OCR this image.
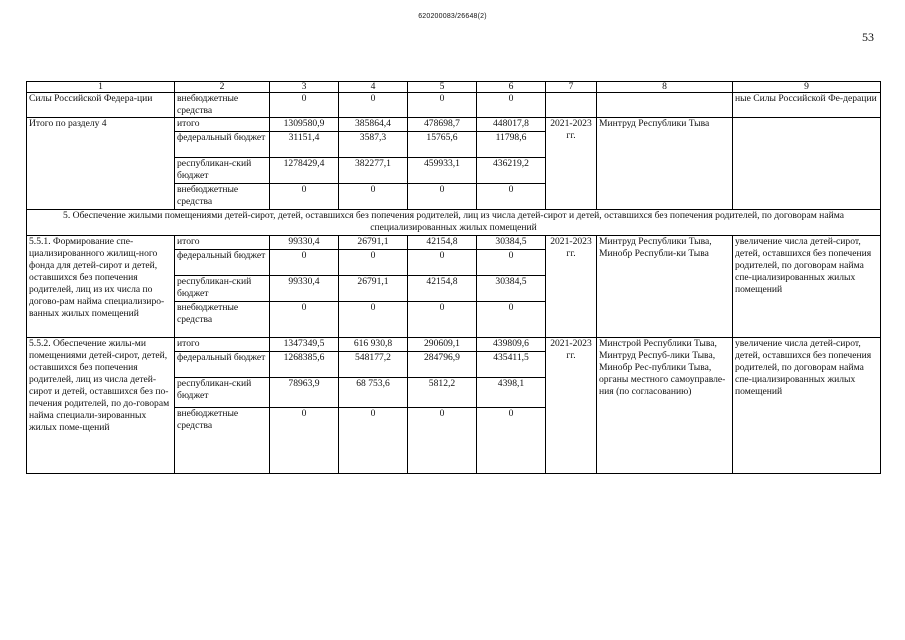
620200083/26648(2)
53
1	2	3	4	5	6	7	8	9
Силы Российской Федера-ции	внебюджетные средства	0	0	0	0			ные Силы Российской Фе-дерации
Итого по разделу 4	итого	1309580,9	385864,4	478698,7	448017,8	2021-2023 гг.	Минтруд Республики Тыва	
	федеральный бюджет	31151,4	3587,3	15765,6	11798,6			
	республикан-ский бюджет	1278429,4	382277,1	459933,1	436219,2			
	внебюджетные средства	0	0	0	0			
5. Обеспечение жилыми помещениями детей-сирот, детей, оставшихся без попечения родителей, лиц из числа детей-сирот и детей, оставшихся без попечения родителей, по договорам найма специализированных жилых помещений								
5.5.1. Формирование спе-циализированного жилищ-ного фонда для детей-сирот и детей, оставшихся без попечения родителей, лиц из их числа по догово-рам найма специализиро-ванных жилых помещений	итого	99330,4	26791,1	42154,8	30384,5	2021-2023 гг.	Минтруд Республики Тыва, Минобр Республи-ки Тыва	увеличение числа детей-сирот, детей, оставшихся без попечения родителей, по договорам найма спе-циализированных жилых помещений
	федеральный бюджет	0	0	0	0			
	республикан-ский бюджет	99330,4	26791,1	42154,8	30384,5			
	внебюджетные средства	0	0	0	0			
5.5.2. Обеспечение жилы-ми помещениями детей-сирот, детей, оставшихся без попечения родителей, лиц из числа детей-сирот и детей, оставшихся без по-печения родителей, по до-говорам найма специали-зированных жилых поме-щений	итого	1347349,5	616 930,8	290609,1	439809,6	2021-2023 гг.	Минстрой Республики Тыва, Минтруд Респуб-лики Тыва, Минобр Рес-публики Тыва, органы местного самоуправле-ния (по согласованию)	увеличение числа детей-сирот, детей, оставшихся без попечения родителей, по договорам найма спе-циализированных жилых помещений
	федеральный бюджет	1268385,6	548177,2	284796,9	435411,5			
	республикан-ский бюджет	78963,9	68 753,6	5812,2	4398,1			
	внебюджетные средства	0	0	0	0			
